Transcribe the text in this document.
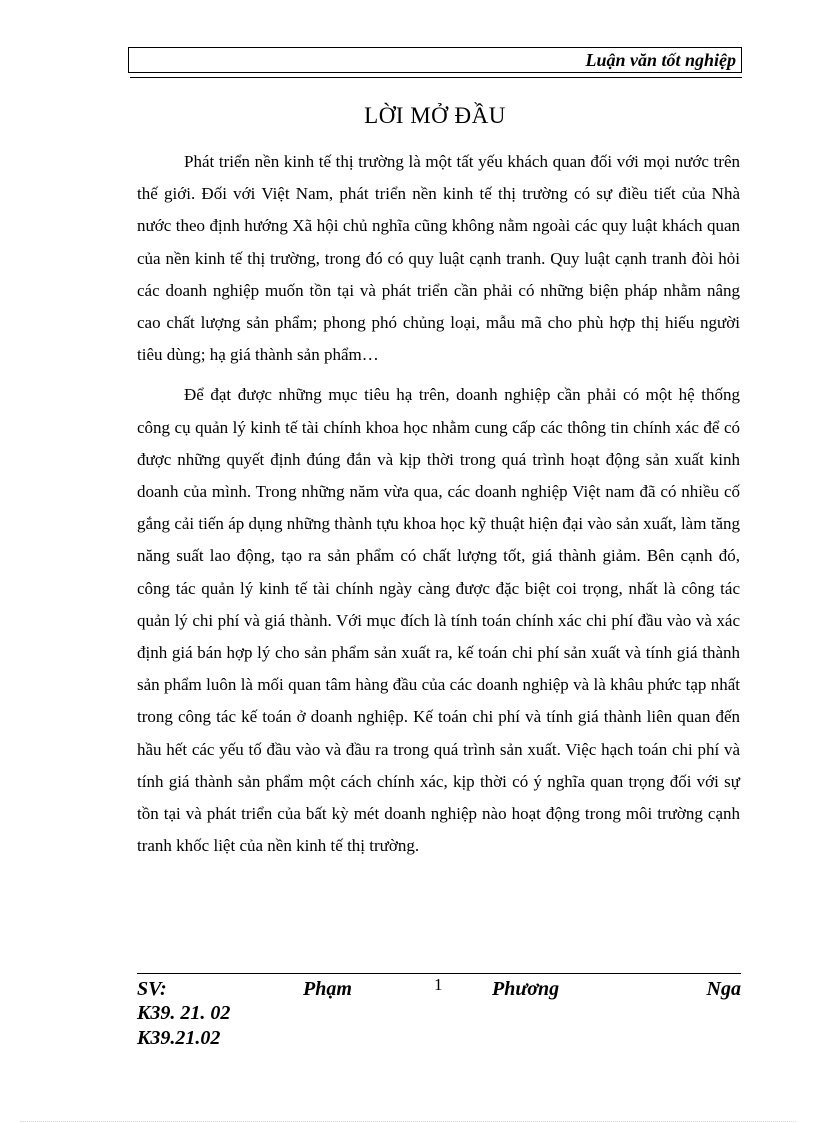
Luận văn tốt nghiệp
LỜI MỞ ĐẦU

Phát triển nền kinh tế thị trường là một tất yếu khách quan đối với mọi nước trên thế giới. Đối với Việt Nam, phát triển nền kinh tế thị trường có sự điều tiết của Nhà nước theo định hướng Xã hội chủ nghĩa cũng không nằm ngoài các quy luật khách quan của nền kinh tế thị trường, trong đó có quy luật cạnh tranh. Quy luật cạnh tranh đòi hỏi các doanh nghiệp muốn tồn tại và phát triển cần phải có những biện pháp nhằm nâng cao chất lượng sản phẩm; phong phó chủng loại, mẫu mã cho phù hợp thị hiếu người tiêu dùng; hạ giá thành sản phẩm…

Để đạt được những mục tiêu hạ trên, doanh nghiệp cần phải có một hệ thống công cụ quản lý kinh tế tài chính khoa học nhằm cung cấp các thông tin chính xác để có được những quyết định đúng đắn và kịp thời trong quá trình hoạt động sản xuất kinh doanh của mình. Trong những năm vừa qua, các doanh nghiệp Việt nam đã có nhiều cố gắng cải tiến áp dụng những thành tựu khoa học kỹ thuật hiện đại vào sản xuất, làm tăng năng suất lao động, tạo ra sản phẩm có chất lượng tốt, giá thành giảm. Bên cạnh đó, công tác quản lý kinh tế tài chính ngày càng được đặc biệt coi trọng, nhất là công tác quản lý chi phí và giá thành. Với mục đích là tính toán chính xác chi phí đầu vào và xác định giá bán hợp lý cho sản phẩm sản xuất ra, kế toán chi phí sản xuất và tính giá thành sản phẩm luôn là mối quan tâm hàng đầu của các doanh nghiệp và là khâu phức tạp nhất trong công tác kế toán ở doanh nghiệp. Kế toán chi phí và tính giá thành liên quan đến hầu hết các yếu tố đầu vào và đầu ra trong quá trình sản xuất. Việc hạch toán chi phí và tính giá thành sản phẩm một cách chính xác, kịp thời có ý nghĩa quan trọng đối với sự tồn tại và phát triển của bất kỳ mét doanh nghiệp nào hoạt động trong môi trường cạnh tranh khốc liệt của nền kinh tế thị trường.

SV:	Phạm	Phương	Nga
1
K39. 21. 02
K39.21.02
